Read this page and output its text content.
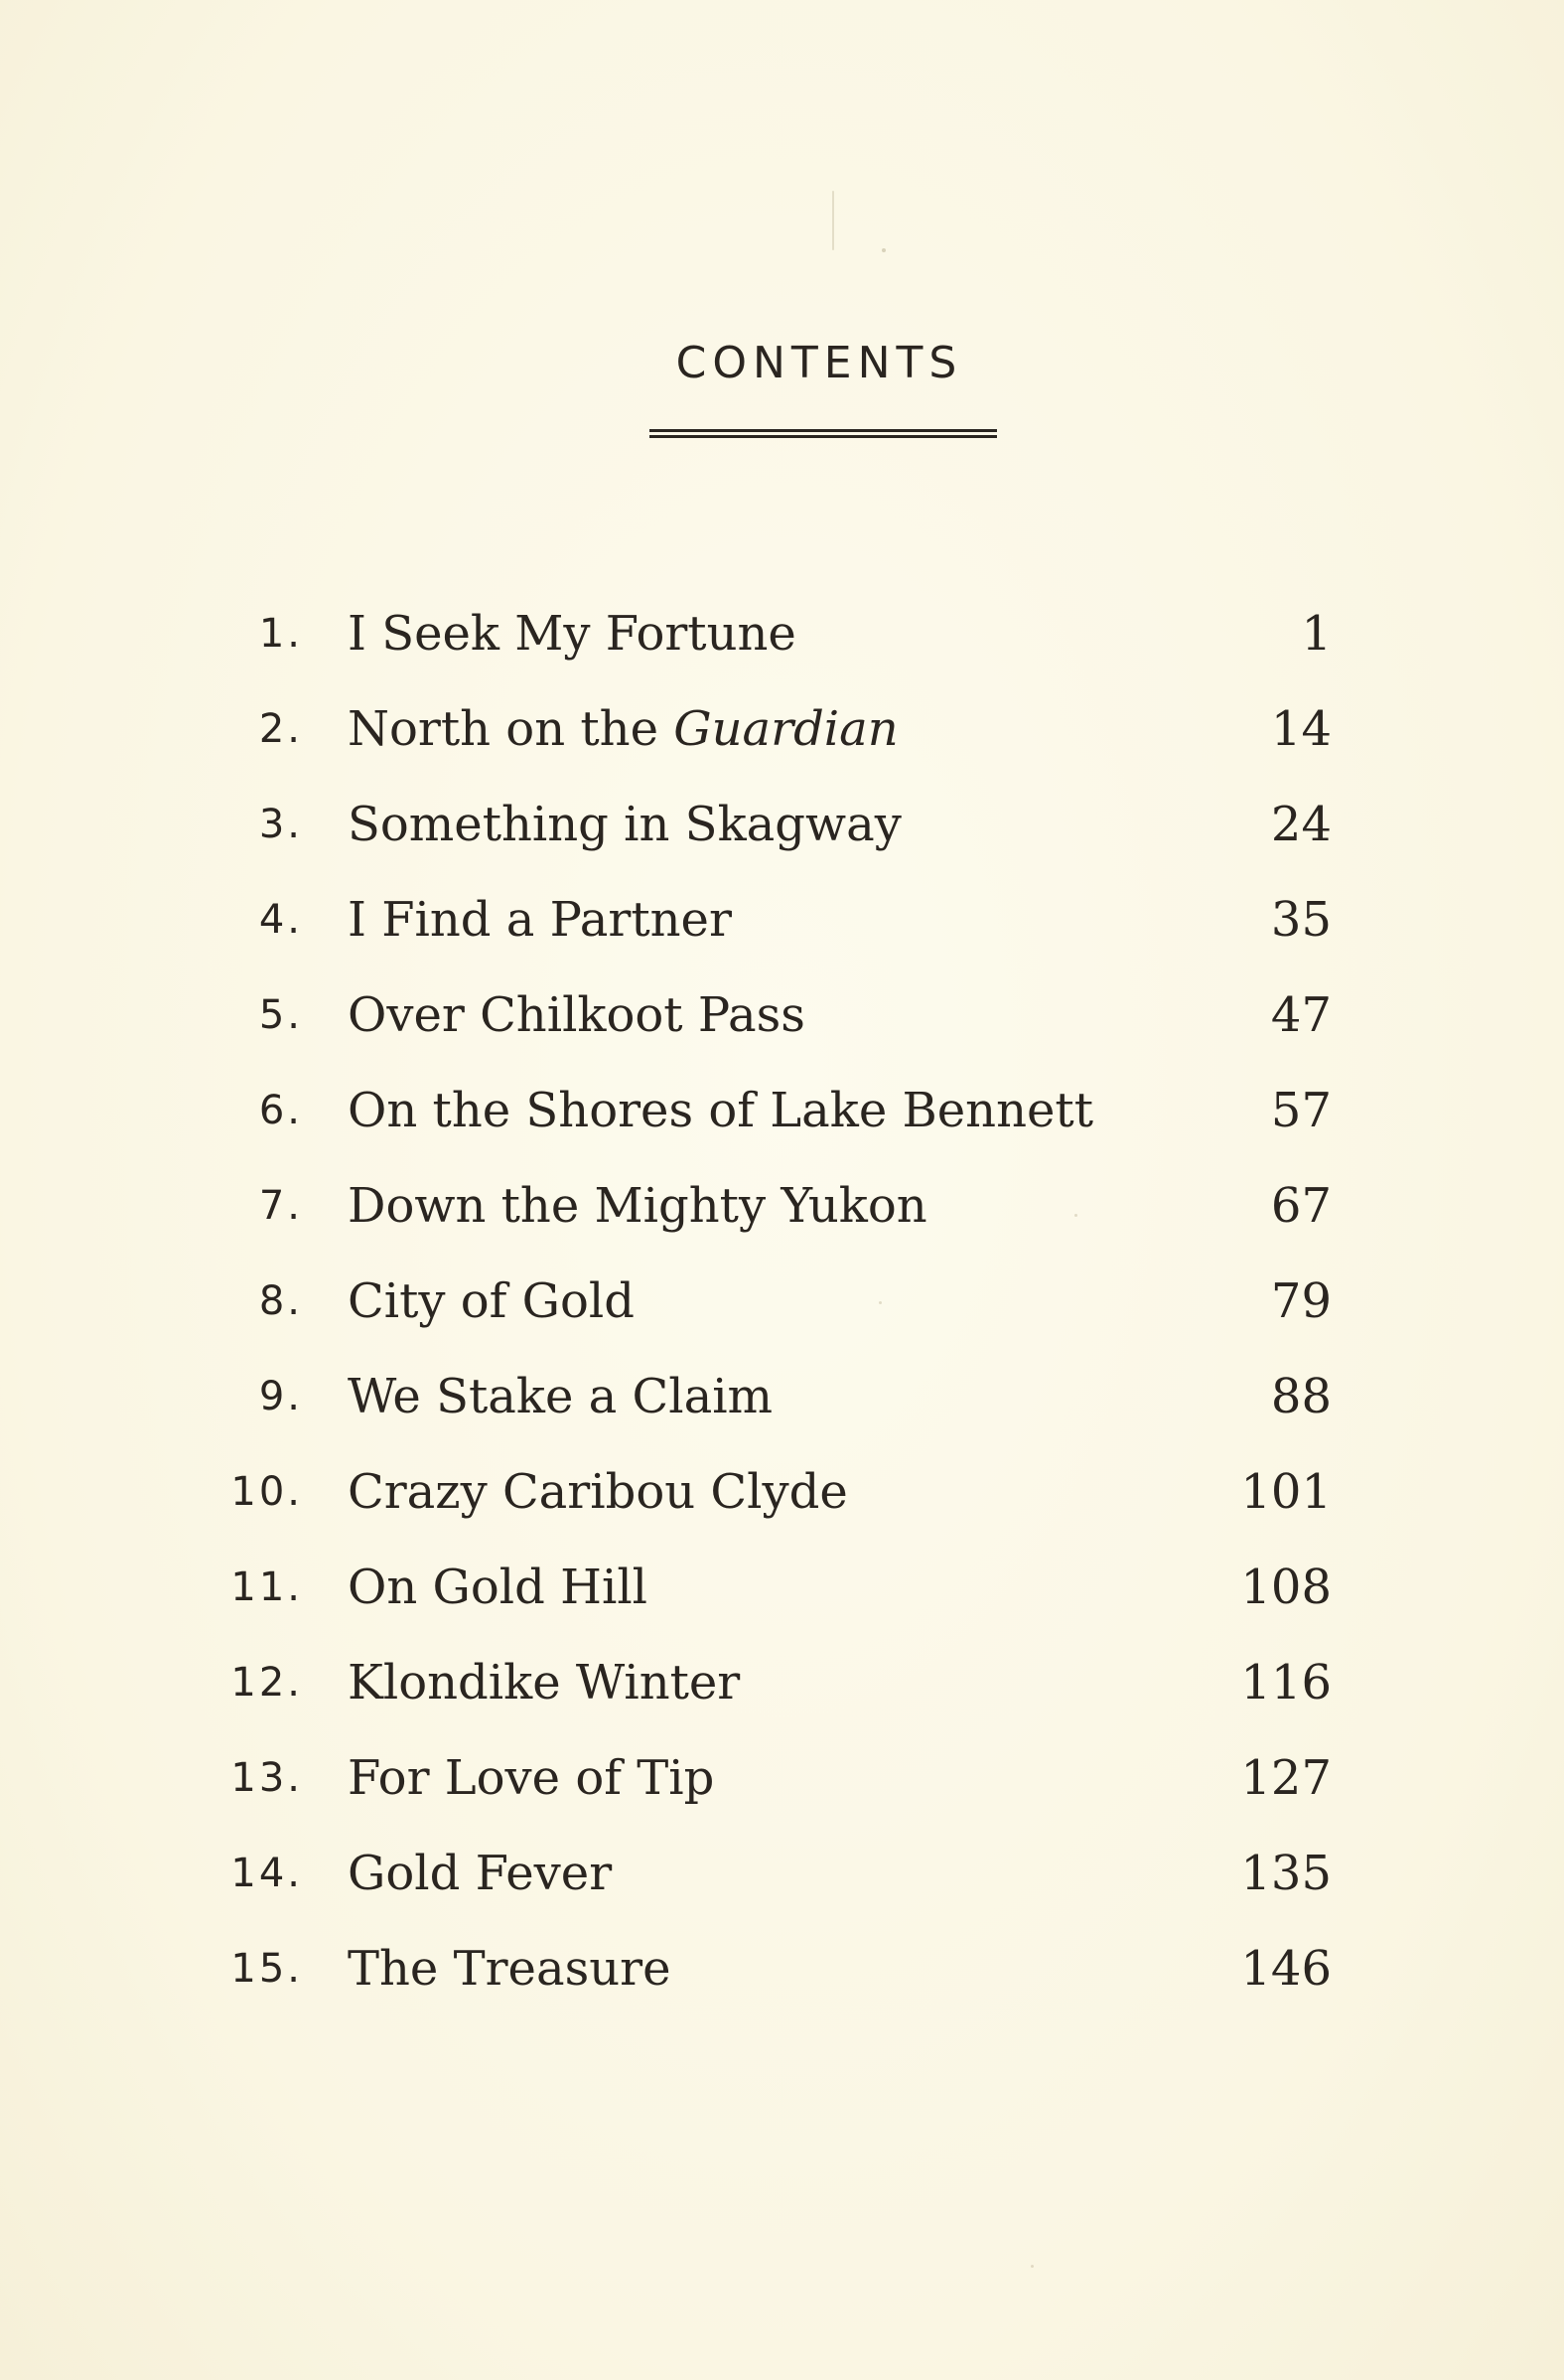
CONTENTS
1. I Seek My Fortune	1
2. North on the Guardian	14
3. Something in Skagway	24
4. I Find a Partner	35
5. Over Chilkoot Pass	47
6. On the Shores of Lake Bennett	57
7. Down the Mighty Yukon	67
8. City of Gold	79
9. We Stake a Claim	88
10. Crazy Caribou Clyde	101
11. On Gold Hill	108
12. Klondike Winter	116
13. For Love of Tip	127
14. Gold Fever	135
15. The Treasure	146
